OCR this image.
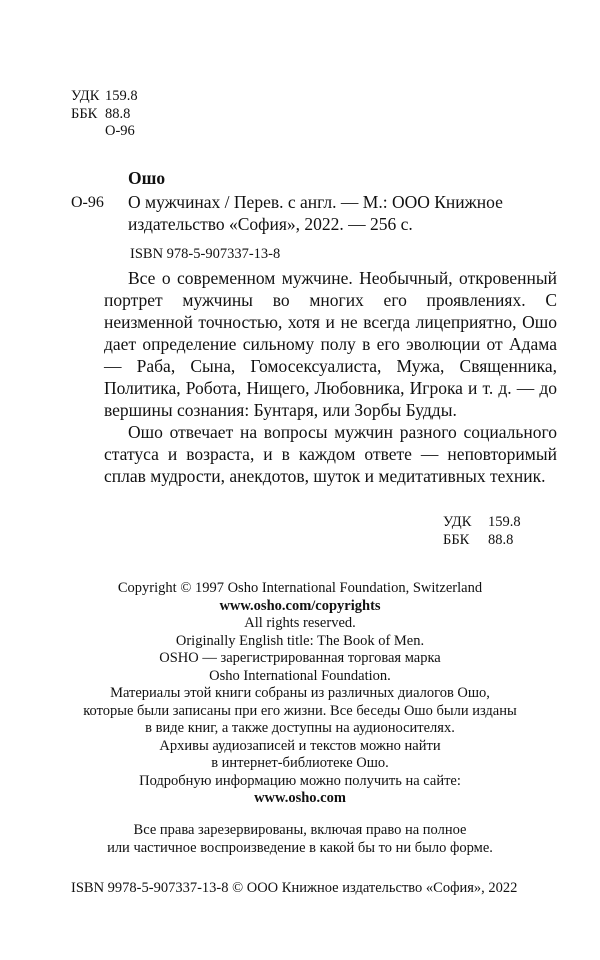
УДК 159.8
ББК 88.8
О-96
Ошо
О-96 О мужчинах / Перев. с англ. — М.: ООО Книжное издательство «София», 2022. — 256 с.
ISBN 978-5-907337-13-8

Все о современном мужчине. Необычный, откровенный портрет мужчины во многих его проявлениях. С неизменной точностью, хотя и не всегда лицеприятно, Ошо дает определение сильному полу в его эволюции от Адама — Раба, Сына, Гомосексуалиста, Мужа, Священника, Политика, Робота, Нищего, Любовника, Игрока и т. д. — до вершины сознания: Бунтаря, или Зорбы Будды.

Ошо отвечает на вопросы мужчин разного социального статуса и возраста, и в каждом ответе — неповторимый сплав мудрости, анекдотов, шуток и медитативных техник.

УДК	159.8
ББК	88.8
Copyright © 1997 Osho International Foundation, Switzerland
www.osho.com/copyrights
All rights reserved.
Originally English title: The Book of Men.
OSHO — зарегистрированная торговая марка
Osho International Foundation.
Материалы этой книги собраны из различных диалогов Ошо,
которые были записаны при его жизни. Все беседы Ошо были изданы
в виде книг, а также доступны на аудионосителях.
Архивы аудиозаписей и текстов можно найти
в интернет-библиотеке Ошо.
Подробную информацию можно получить на сайте:
www.osho.com
Все права зарезервированы, включая право на полное
или частичное воспроизведение в какой бы то ни было форме.
ISBN 9978-5-907337-13-8 © ООО Книжное издательство «София», 2022
